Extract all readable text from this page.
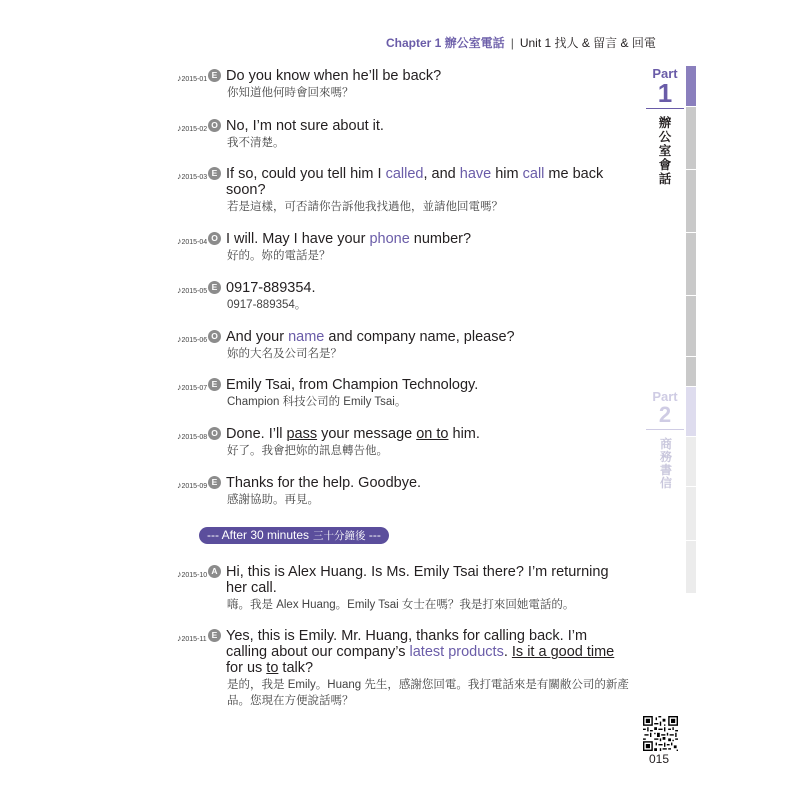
Chapter 1 辦公室電話 | Unit 1 找人 & 留言 & 回電
♪2015-01 E Do you know when he’ll be back?
你知道他何時會回來嗎？
♪2015-02 O No, I’m not sure about it.
我不清楚。
♪2015-03 E If so, could you tell him I called, and have him call me back soon?
若是這樣，可否請你告訴他我找過他，並請他回電嗎？
♪2015-04 O I will. May I have your phone number?
好的。妳的電話是？
♪2015-05 E 0917-889354.
0917-889354。
♪2015-06 O And your name and company name, please?
妳的大名及公司名是？
♪2015-07 E Emily Tsai, from Champion Technology.
Champion 科技公司的 Emily Tsai。
♪2015-08 O Done. I’ll pass your message on to him.
好了。我會把妳的訊息轉告他。
♪2015-09 E Thanks for the help. Goodbye.
感謝協助。再見。
--- After 30 minutes 三十分鐘後 ---
♪2015-10 A Hi, this is Alex Huang. Is Ms. Emily Tsai there? I’m returning her call.
嗨。我是 Alex Huang。Emily Tsai 女士在嗎？我是打來回她電話的。
♪2015-11 E Yes, this is Emily. Mr. Huang, thanks for calling back. I’m calling about our company’s latest products. Is it a good time for us to talk?
是的，我是 Emily。Huang 先生，感謝您回電。我打電話來是有關敝公司的新產品。您現在方便說話嗎？
Part
1
辦公室會話
Part
2
商務書信
015
